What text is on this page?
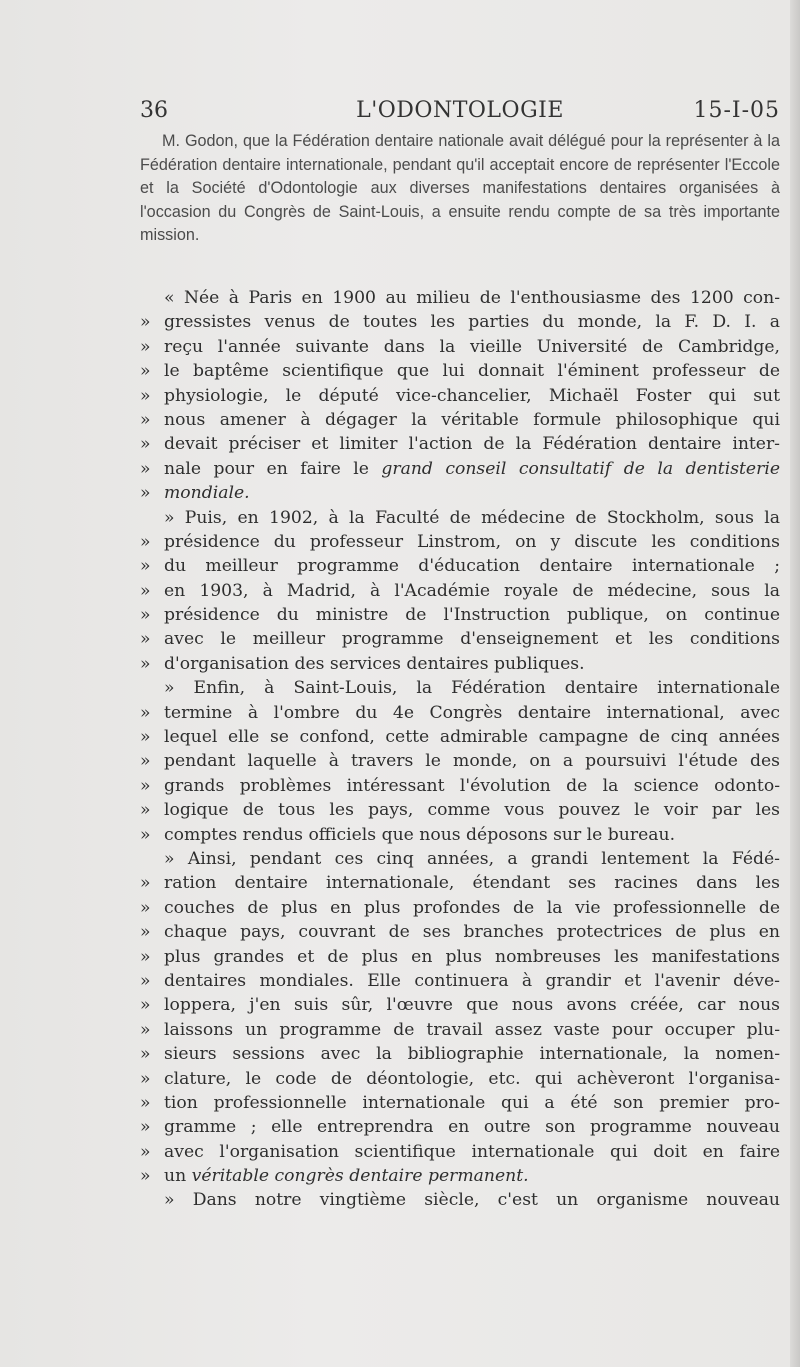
36	L'ODONTOLOGIE	15-I-05

M. Godon, que la Fédération dentaire nationale avait délégué pour la représenter à la Fédération dentaire internationale, pendant qu'il acceptait encore de représenter l'Eccole et la Société d'Odontologie aux diverses manifestations dentaires organisées à l'occasion du Congrès de Saint-Louis, a ensuite rendu compte de sa très importante mission.

« Née à Paris en 1900 au milieu de l'enthousiasme des 1200 con-
» gressistes venus de toutes les parties du monde, la F. D. I. a
» reçu l'année suivante dans la vieille Université de Cambridge,
» le baptême scientifique que lui donnait l'éminent professeur de
» physiologie, le député vice-chancelier, Michaël Foster qui sut
» nous amener à dégager la véritable formule philosophique qui
» devait préciser et limiter l'action de la Fédération dentaire inter-
» nale pour en faire le grand conseil consultatif de la dentisterie
» mondiale.
» Puis, en 1902, à la Faculté de médecine de Stockholm, sous la
» présidence du professeur Linstrom, on y discute les conditions
» du meilleur programme d'éducation dentaire internationale ;
» en 1903, à Madrid, à l'Académie royale de médecine, sous la
» présidence du ministre de l'Instruction publique, on continue
» avec le meilleur programme d'enseignement et les conditions
» d'organisation des services dentaires publiques.
» Enfin, à Saint-Louis, la Fédération dentaire internationale
» termine à l'ombre du 4e Congrès dentaire international, avec
» lequel elle se confond, cette admirable campagne de cinq années
» pendant laquelle à travers le monde, on a poursuivi l'étude des
» grands problèmes intéressant l'évolution de la science odonto-
» logique de tous les pays, comme vous pouvez le voir par les
» comptes rendus officiels que nous déposons sur le bureau.
» Ainsi, pendant ces cinq années, a grandi lentement la Fédé-
» ration dentaire internationale, étendant ses racines dans les
» couches de plus en plus profondes de la vie professionnelle de
» chaque pays, couvrant de ses branches protectrices de plus en
» plus grandes et de plus en plus nombreuses les manifestations
» dentaires mondiales. Elle continuera à grandir et l'avenir déve-
» loppera, j'en suis sûr, l'œuvre que nous avons créée, car nous
» laissons un programme de travail assez vaste pour occuper plu-
» sieurs sessions avec la bibliographie internationale, la nomen-
» clature, le code de déontologie, etc. qui achèveront l'organisa-
» tion professionnelle internationale qui a été son premier pro-
» gramme ; elle entreprendra en outre son programme nouveau
» avec l'organisation scientifique internationale qui doit en faire
» un véritable congrès dentaire permanent.
» Dans notre vingtième siècle, c'est un organisme nouveau
